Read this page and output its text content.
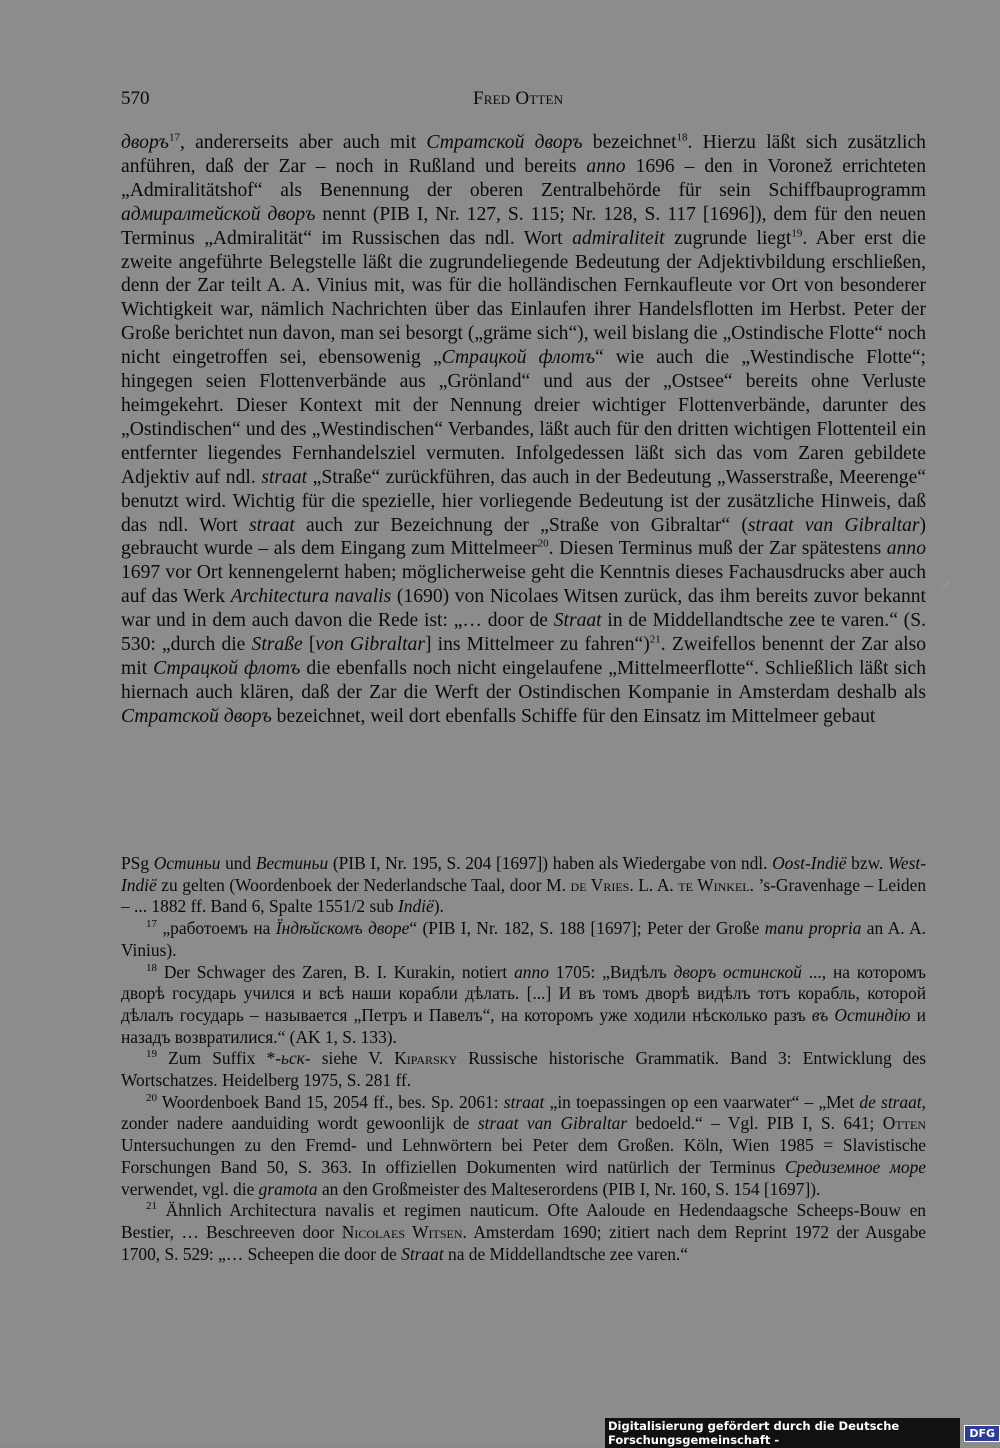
570	Fred Otten

дворъ$^{17}$, andererseits aber auch mit Стратской дворъ bezeichnet$^{18}$. Hierzu läßt sich zusätzlich anführen, daß der Zar – noch in Rußland und bereits anno 1696 – den in Voronež errichteten „Admiralitätshof“ als Benennung der oberen Zentralbehörde für sein Schiffbauprogramm адмиралтейской дворъ nennt (PIB I, Nr. 127, S. 115; Nr. 128, S. 117 [1696]), dem für den neuen Terminus „Admiralität“ im Russischen das ndl. Wort admiraliteit zugrunde liegt$^{19}$. Aber erst die zweite angeführte Belegstelle läßt die zugrundeliegende Bedeutung der Adjektivbildung erschließen, denn der Zar teilt A. A. Vinius mit, was für die holländischen Fernkaufleute vor Ort von besonderer Wichtigkeit war, nämlich Nachrichten über das Einlaufen ihrer Handelsflotten im Herbst. Peter der Große berichtet nun davon, man sei besorgt („gräme sich“), weil bislang die „Ostindische Flotte“ noch nicht eingetroffen sei, ebensowenig „Страцкой флотъ“ wie auch die „Westindische Flotte“; hingegen seien Flottenverbände aus „Grönland“ und aus der „Ostsee“ bereits ohne Verluste heimgekehrt. Dieser Kontext mit der Nennung dreier wichtiger Flottenverbände, darunter des „Ostindischen“ und des „Westindischen“ Verbandes, läßt auch für den dritten wichtigen Flottenteil ein entfernter liegendes Fernhandelsziel vermuten. Infolgedessen läßt sich das vom Zaren gebildete Adjektiv auf ndl. straat „Straße“ zurückführen, das auch in der Bedeutung „Wasserstraße, Meerenge“ benutzt wird. Wichtig für die spezielle, hier vorliegende Bedeutung ist der zusätzliche Hinweis, daß das ndl. Wort straat auch zur Bezeichnung der „Straße von Gibraltar“ (straat van Gibraltar) gebraucht wurde – als dem Eingang zum Mittelmeer$^{20}$. Diesen Terminus muß der Zar spätestens anno 1697 vor Ort kennengelernt haben; möglicherweise geht die Kenntnis dieses Fachausdrucks aber auch auf das Werk Architectura navalis (1690) von Nicolaes Witsen zurück, das ihm bereits zuvor bekannt war und in dem auch davon die Rede ist: „… door de Straat in de Middellandtsche zee te varen.“ (S. 530: „durch die Straße [von Gibraltar] ins Mittelmeer zu fahren“)$^{21}$. Zweifellos benennt der Zar also mit Страцкой флотъ die ebenfalls noch nicht eingelaufene „Mittelmeerflotte“. Schließlich läßt sich hiernach auch klären, daß der Zar die Werft der Ostindischen Kompanie in Amsterdam deshalb als Стратской дворъ bezeichnet, weil dort ebenfalls Schiffe für den Einsatz im Mittelmeer gebaut

⁄

PSg Остиньи und Вестиньи (PIB I, Nr. 195, S. 204 [1697]) haben als Wiedergabe von ndl. Oost-Indië bzw. West-Indië zu gelten (Woordenboek der Nederlandsche Taal, door M. de Vries. L. A. te Winkel. ’s-Gravenhage – Leiden – ... 1882 ff. Band 6, Spalte 1551/2 sub Indië).

$^{17}$ „работоемъ на Їндѣйскомъ дворе“ (PIB I, Nr. 182, S. 188 [1697]; Peter der Große manu propria an A. A. Vinius).

$^{18}$ Der Schwager des Zaren, B. I. Kurakin, notiert anno 1705: „Видѣлъ дворъ остинской ..., на которомъ дворѣ государь учился и всѣ наши корабли дѣлать. [...] И въ томъ дворѣ видѣлъ тотъ корабль, которой дѣлалъ государь – называется „Петръ и Павелъ“, на которомъ уже ходили нѣсколько разъ въ Остиндію и назадъ возвратилися.“ (AK 1, S. 133).

$^{19}$ Zum Suffix *-ьск- siehe V. Kiparsky Russische historische Grammatik. Band 3: Entwicklung des Wortschatzes. Heidelberg 1975, S. 281 ff.

$^{20}$ Woordenboek Band 15, 2054 ff., bes. Sp. 2061: straat „in toepassingen op een vaarwater“ – „Met de straat, zonder nadere aanduiding wordt gewoonlijk de straat van Gibraltar bedoeld.“ – Vgl. PIB I, S. 641; Otten Untersuchungen zu den Fremd- und Lehnwörtern bei Peter dem Großen. Köln, Wien 1985 = Slavistische Forschungen Band 50, S. 363. In offiziellen Dokumenten wird natürlich der Terminus Средиземное море verwendet, vgl. die gramota an den Großmeister des Malteserordens (PIB I, Nr. 160, S. 154 [1697]).

$^{21}$ Ähnlich Architectura navalis et regimen nauticum. Ofte Aaloude en Hedendaagsche Scheeps-Bouw en Bestier, … Beschreeven door Nicolaes Witsen. Amsterdam 1690; zitiert nach dem Reprint 1972 der Ausgabe 1700, S. 529: „… Scheepen die door de Straat na de Middellandtsche zee varen.“

Digitalisierung gefördert durch die Deutsche Forschungsgemeinschaft -	DFG
